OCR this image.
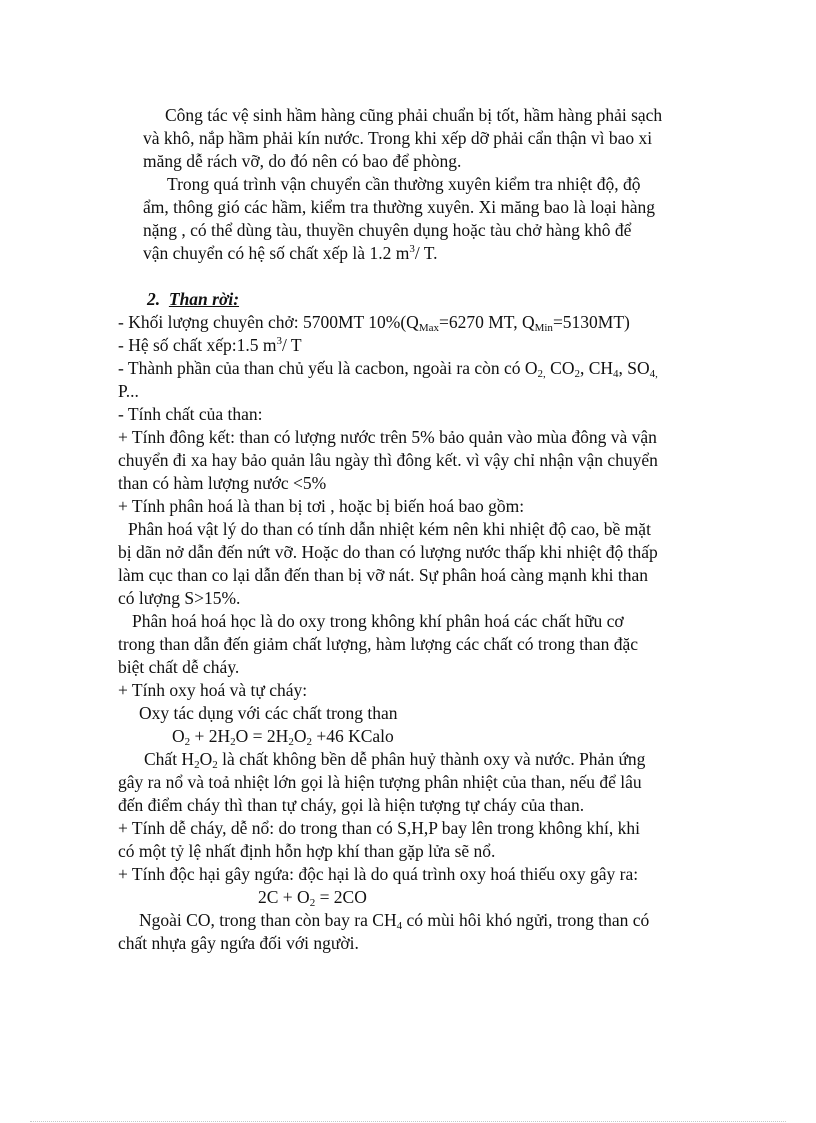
Công tác vệ sinh hầm hàng cũng phải chuẩn bị tốt, hầm hàng phải sạch

và khô, nắp hầm phải kín nước. Trong khi xếp dỡ phải cẩn thận vì bao xi

măng dễ rách vỡ, do đó nên có bao để phòng.

Trong quá trình vận chuyển cần thường xuyên kiểm tra nhiệt độ, độ

ẩm, thông gió các hầm, kiểm tra thường xuyên. Xi măng bao là loại hàng

nặng , có thể dùng tàu, thuyền chuyên dụng hoặc tàu chở hàng khô để

vận chuyển có hệ số chất xếp là 1.2 $m^3/$ T.

2. Than rời:

- Khối lượng chuyên chở: 5700MT $10\%(Q_{Max}=6270$ MT, $Q_{Min}=5130MT$)

- Hệ số chất xếp:1.5 $m^3/$ T

- Thành phần của than chủ yếu là cacbon, ngoài ra còn có $O_{2,}$ $CO_2$, $CH_4$, $SO_{4,}$

P...

- Tính chất của than:

+ Tính đông kết: than có lượng nước trên 5% bảo quản vào mùa đông và vận

chuyển đi xa hay bảo quản lâu ngày thì đông kết. vì vậy chỉ nhận vận chuyển

than có hàm lượng nước <5%

+ Tính phân hoá là than bị tơi , hoặc bị biến hoá bao gồm:

Phân hoá vật lý do than có tính dẫn nhiệt kém nên khi nhiệt độ cao, bề mặt

bị dãn nở dẫn đến nứt vỡ. Hoặc do than có lượng nước thấp khi nhiệt độ thấp

làm cục than co lại dẫn đến than bị vỡ nát. Sự phân hoá càng mạnh khi than

có lượng S>15%.

Phân hoá hoá học là do oxy trong không khí phân hoá các chất hữu cơ

trong than dẫn đến giảm chất lượng, hàm lượng các chất có trong than đặc

biệt chất dễ cháy.

+ Tính oxy hoá và tự cháy:

Oxy tác dụng với các chất trong than

$O_2 + 2H_2O = 2H_2O_2 +46$ KCalo

Chất $H_2O_2$ là chất không bền dễ phân huỷ thành oxy và nước. Phản ứng

gây ra nổ và toả nhiệt lớn gọi là hiện tượng phân nhiệt của than, nếu để lâu

đến điểm cháy thì than tự cháy, gọi là hiện tượng tự cháy của than.

+ Tính dễ cháy, dễ nổ: do trong than có S,H,P bay lên trong không khí, khi

có một tỷ lệ nhất định hỗn hợp khí than gặp lửa sẽ nổ.

+ Tính độc hại gây ngứa: độc hại là do quá trình oxy hoá thiếu oxy gây ra:

$2C + O_2 = 2CO$

Ngoài CO, trong than còn bay ra $CH_4$ có mùi hôi khó ngửi, trong than có

chất nhựa gây ngứa đối với người.
